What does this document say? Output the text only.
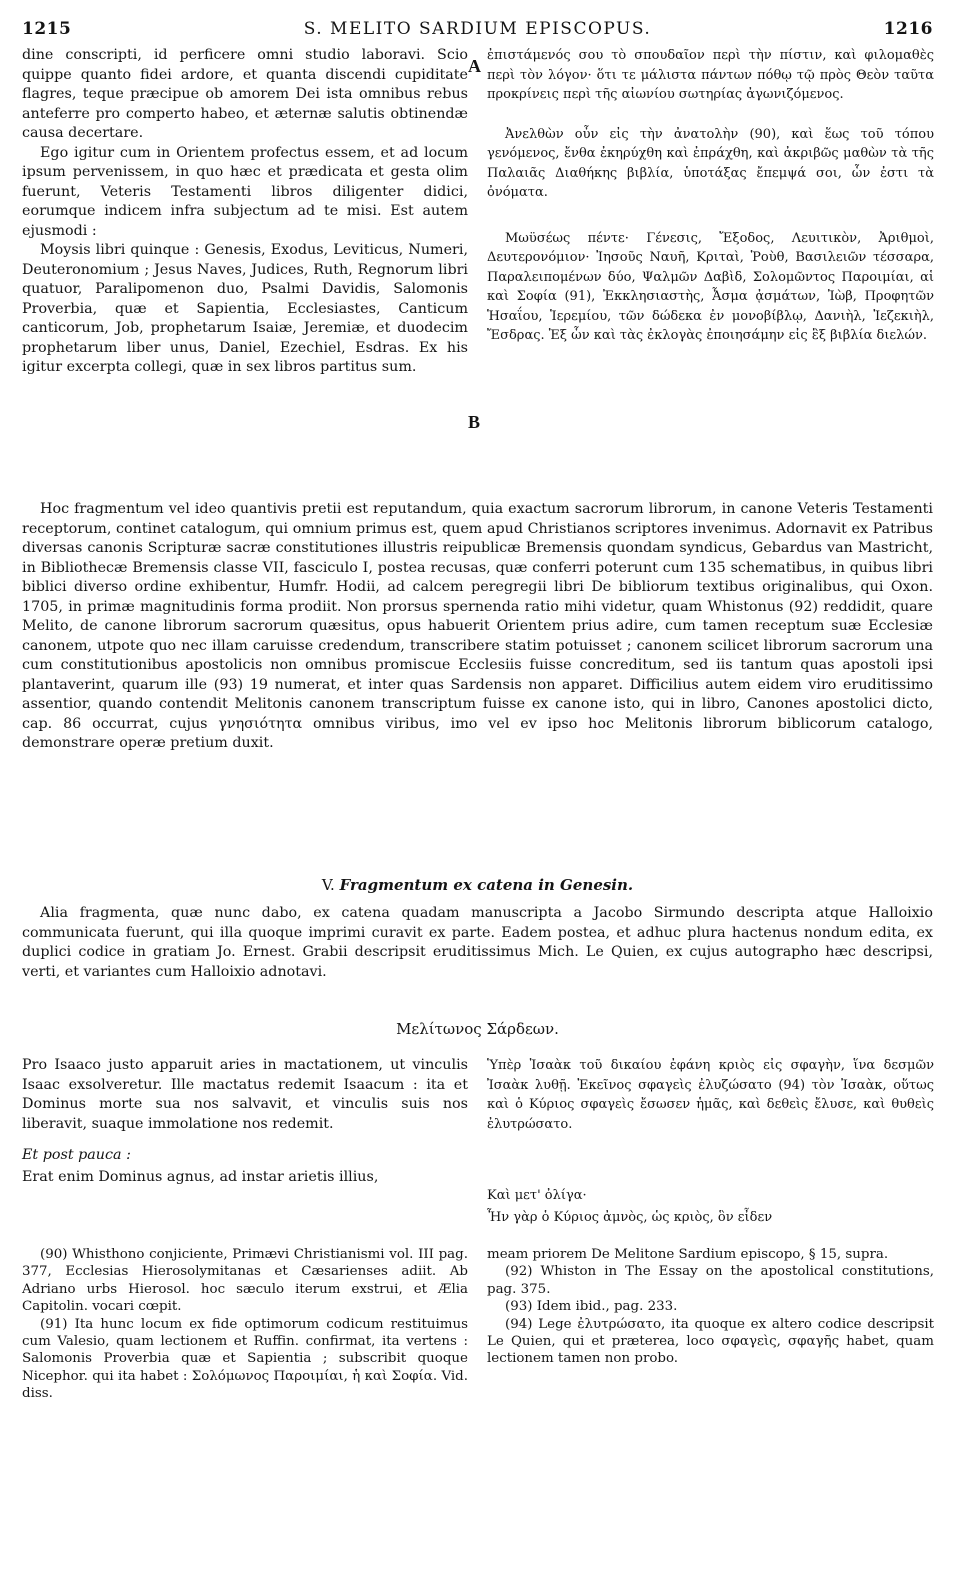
1215	S. MELITO SARDIUM EPISCOPUS.	1216

dine conscripti, id perficere omni studio laboravi. Scio quippe quanto fidei ardore, et quanta discendi cupiditate flagres, teque præcipue ob amorem Dei ista omnibus rebus anteferre pro comperto habeo, et æternæ salutis obtinendæ causa decertare.

Ego igitur cum in Orientem profectus essem, et ad locum ipsum pervenissem, in quo hæc et prædicata et gesta olim fuerunt, Veteris Testamenti libros diligenter didici, eorumque indicem infra subjectum ad te misi. Est autem ejusmodi :

Moysis libri quinque : Genesis, Exodus, Leviticus, Numeri, Deuteronomium ; Jesus Naves, Judices, Ruth, Regnorum libri quatuor, Paralipomenon duo, Psalmi Davidis, Salomonis Proverbia, quæ et Sapientia, Ecclesiastes, Canticum canticorum, Job, prophetarum Isaiæ, Jeremiæ, et duodecim prophetarum liber unus, Daniel, Ezechiel, Esdras. Ex his igitur excerpta collegi, quæ in sex libros partitus sum.

A
B

ἐπιστάμενός σου τὸ σπουδαῖον περὶ τὴν πίστιν, καὶ φιλομαθὲς περὶ τὸν λόγον· ὅτι τε μάλιστα πάντων πόθῳ τῷ πρὸς Θεὸν ταῦτα προκρίνεις περὶ τῆς αἰωνίου σωτηρίας ἀγωνιζόμενος.

Ἀνελθὼν οὖν εἰς τὴν ἀνατολὴν (90), καὶ ἕως τοῦ τόπου γενόμενος, ἔνθα ἐκηρύχθη καὶ ἐπράχθη, καὶ ἀκριβῶς μαθὼν τὰ τῆς Παλαιᾶς Διαθήκης βιβλία, ὑποτάξας ἔπεμψά σοι, ὧν ἐστι τὰ ὀνόματα.

Μωϋσέως πέντε· Γένεσις, Ἔξοδος, Λευιτικὸν, Ἀριθμοὶ, Δευτερονόμιον· Ἰησοῦς Ναυῆ, Κριταὶ, Ῥοὺθ, Βασιλειῶν τέσσαρα, Παραλειπομένων δύο, Ψαλμῶν Δαβὶδ, Σολομῶντος Παροιμίαι, αἱ καὶ Σοφία (91), Ἐκκλησιαστὴς, Ἆσμα ᾀσμάτων, Ἰὼβ, Προφητῶν Ἡσαΐου, Ἱερεμίου, τῶν δώδεκα ἐν μονοβίβλῳ, Δανιὴλ, Ἰεζεκιὴλ, Ἔσδρας. Ἐξ ὧν καὶ τὰς ἐκλογὰς ἐποιησάμην εἰς ἓξ βιβλία διελών.

Hoc fragmentum vel ideo quantivis pretii est reputandum, quia exactum sacrorum librorum, in canone Veteris Testamenti receptorum, continet catalogum, qui omnium primus est, quem apud Christianos scriptores invenimus. Adornavit ex Patribus diversas canonis Scripturæ sacræ constitutiones illustris reipublicæ Bremensis quondam syndicus, Gebardus van Mastricht, in Bibliothecæ Bremensis classe VII, fasciculo I, postea recusas, quæ conferri poterunt cum 135 schematibus, in quibus libri biblici diverso ordine exhibentur, Humfr. Hodii, ad calcem peregregii libri De bibliorum textibus originalibus, qui Oxon. 1705, in primæ magnitudinis forma prodiit. Non prorsus spernenda ratio mihi videtur, quam Whistonus (92) reddidit, quare Melito, de canone librorum sacrorum quæsitus, opus habuerit Orientem prius adire, cum tamen receptum suæ Ecclesiæ canonem, utpote quo nec illam caruisse credendum, transcribere statim potuisset ; canonem scilicet librorum sacrorum una cum constitutionibus apostolicis non omnibus promiscue Ecclesiis fuisse concreditum, sed iis tantum quas apostoli ipsi plantaverint, quarum ille (93) 19 numerat, et inter quas Sardensis non apparet. Difficilius autem eidem viro eruditissimo assentior, quando contendit Melitonis canonem transcriptum fuisse ex canone isto, qui in libro, Canones apostolici dicto, cap. 86 occurrat, cujus γνησιότητα omnibus viribus, imo vel ev ipso hoc Melitonis librorum biblicorum catalogo, demonstrare operæ pretium duxit.

V. Fragmentum ex catena in Genesin.

Alia fragmenta, quæ nunc dabo, ex catena quadam manuscripta a Jacobo Sirmundo descripta atque Halloixio communicata fuerunt, qui illa quoque imprimi curavit ex parte. Eadem postea, et adhuc plura hactenus nondum edita, ex duplici codice in gratiam Jo. Ernest. Grabii descripsit eruditissimus Mich. Le Quien, ex cujus autographo hæc descripsi, verti, et variantes cum Halloixio adnotavi.

Μελίτωνος Σάρδεων.

Pro Isaaco justo apparuit aries in mactationem, ut vinculis Isaac exsolveretur. Ille mactatus redemit Isaacum : ita et Dominus morte sua nos salvavit, et vinculis suis nos liberavit, suaque immolatione nos redemit.

Et post pauca :

Erat enim Dominus agnus, ad instar arietis illius,

Ὑπὲρ Ἰσαὰκ τοῦ δικαίου ἐφάνη κριὸς εἰς σφαγὴν, ἵνα δεσμῶν Ἰσαὰκ λυθῇ. Ἐκεῖνος σφαγεὶς ἐλυζώσατο (94) τὸν Ἰσαὰκ, οὕτως καὶ ὁ Κύριος σφαγεὶς ἔσωσεν ἡμᾶς, καὶ δεθεὶς ἔλυσε, καὶ θυθεὶς ἐλυτρώσατο.

Καὶ μετ' ὀλίγα·

Ἦν γὰρ ὁ Κύριος ἀμνὸς, ὡς κριὸς, ὃν εἶδεν

(90) Whisthono conjiciente, Primævi Christianismi vol. III pag. 377, Ecclesias Hierosolymitanas et Cæsarienses adiit. Ab Adriano urbs Hierosol. hoc sæculo iterum exstrui, et Ælia Capitolin. vocari cœpit.

(91) Ita hunc locum ex fide optimorum codicum restituimus cum Valesio, quam lectionem et Ruffin. confirmat, ita vertens : Salomonis Proverbia quæ et Sapientia ; subscribit quoque Nicephor. qui ita habet : Σολόμωνος Παροιμίαι, ἡ καὶ Σοφία. Vid. diss.

meam priorem De Melitone Sardium episcopo, § 15, supra.

(92) Whiston in The Essay on the apostolical constitutions, pag. 375.

(93) Idem ibid., pag. 233.

(94) Lege ἐλυτρώσατο, ita quoque ex altero codice descripsit Le Quien, qui et præterea, loco σφαγεὶς, σφαγῆς habet, quam lectionem tamen non probo.
